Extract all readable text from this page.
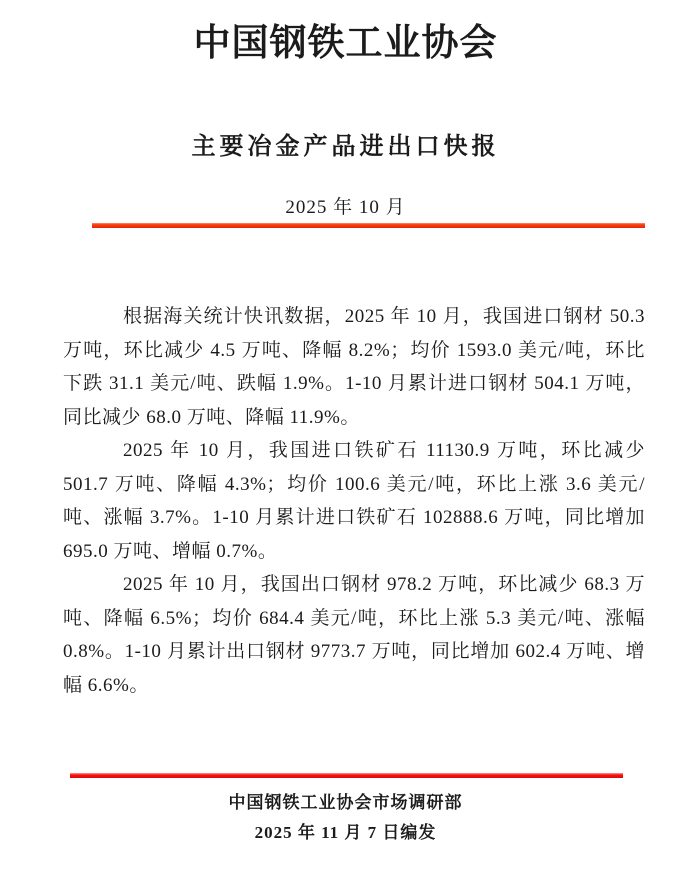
中国钢铁工业协会
主要冶金产品进出口快报
2025 年 10 月

根据海关统计快讯数据，2025 年 10 月，我国进口钢材 50.3 万吨，环比减少 4.5 万吨、降幅 8.2%；均价 1593.0 美元/吨，环比下跌 31.1 美元/吨、跌幅 1.9%。1-10 月累计进口钢材 504.1 万吨，同比减少 68.0 万吨、降幅 11.9%。

2025 年 10 月，我国进口铁矿石 11130.9 万吨，环比减少 501.7 万吨、降幅 4.3%；均价 100.6 美元/吨，环比上涨 3.6 美元/吨、涨幅 3.7%。1-10 月累计进口铁矿石 102888.6 万吨，同比增加 695.0 万吨、增幅 0.7%。

2025 年 10 月，我国出口钢材 978.2 万吨，环比减少 68.3 万吨、降幅 6.5%；均价 684.4 美元/吨，环比上涨 5.3 美元/吨、涨幅 0.8%。1-10 月累计出口钢材 9773.7 万吨，同比增加 602.4 万吨、增幅 6.6%。

中国钢铁工业协会市场调研部
2025 年 11 月 7 日编发
